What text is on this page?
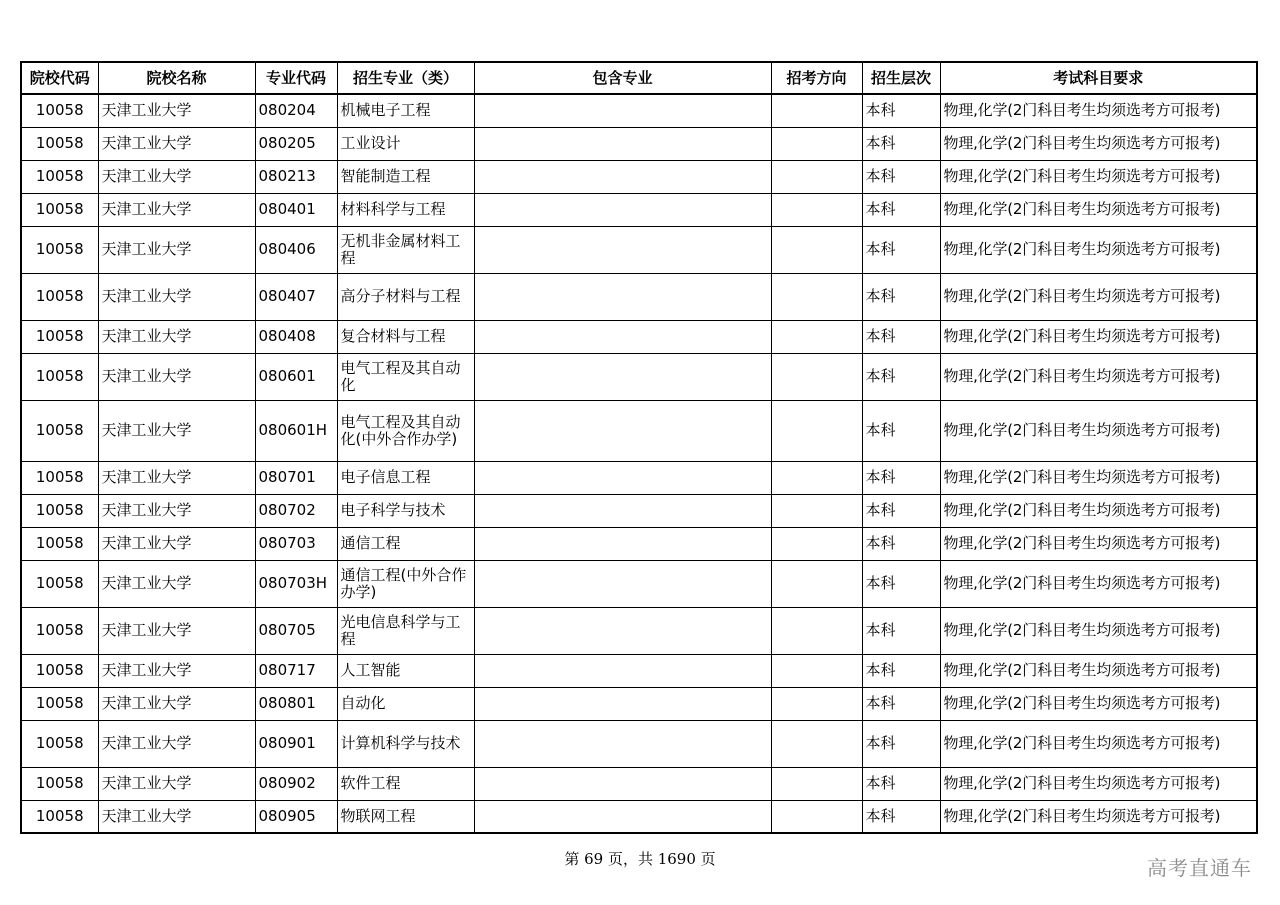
院校代码	院校名称	专业代码	招生专业（类）	包含专业	招考方向	招生层次	考试科目要求
10058	天津工业大学	080204	机械电子工程			本科	物理,化学(2门科目考生均须选考方可报考)
10058	天津工业大学	080205	工业设计			本科	物理,化学(2门科目考生均须选考方可报考)
10058	天津工业大学	080213	智能制造工程			本科	物理,化学(2门科目考生均须选考方可报考)
10058	天津工业大学	080401	材料科学与工程			本科	物理,化学(2门科目考生均须选考方可报考)
10058	天津工业大学	080406	无机非金属材料工程			本科	物理,化学(2门科目考生均须选考方可报考)
10058	天津工业大学	080407	高分子材料与工程			本科	物理,化学(2门科目考生均须选考方可报考)
10058	天津工业大学	080408	复合材料与工程			本科	物理,化学(2门科目考生均须选考方可报考)
10058	天津工业大学	080601	电气工程及其自动化			本科	物理,化学(2门科目考生均须选考方可报考)
10058	天津工业大学	080601H	电气工程及其自动化(中外合作办学)			本科	物理,化学(2门科目考生均须选考方可报考)
10058	天津工业大学	080701	电子信息工程			本科	物理,化学(2门科目考生均须选考方可报考)
10058	天津工业大学	080702	电子科学与技术			本科	物理,化学(2门科目考生均须选考方可报考)
10058	天津工业大学	080703	通信工程			本科	物理,化学(2门科目考生均须选考方可报考)
10058	天津工业大学	080703H	通信工程(中外合作办学)			本科	物理,化学(2门科目考生均须选考方可报考)
10058	天津工业大学	080705	光电信息科学与工程			本科	物理,化学(2门科目考生均须选考方可报考)
10058	天津工业大学	080717	人工智能			本科	物理,化学(2门科目考生均须选考方可报考)
10058	天津工业大学	080801	自动化			本科	物理,化学(2门科目考生均须选考方可报考)
10058	天津工业大学	080901	计算机科学与技术			本科	物理,化学(2门科目考生均须选考方可报考)
10058	天津工业大学	080902	软件工程			本科	物理,化学(2门科目考生均须选考方可报考)
10058	天津工业大学	080905	物联网工程			本科	物理,化学(2门科目考生均须选考方可报考)
第 69 页，共 1690 页	高考直通车
